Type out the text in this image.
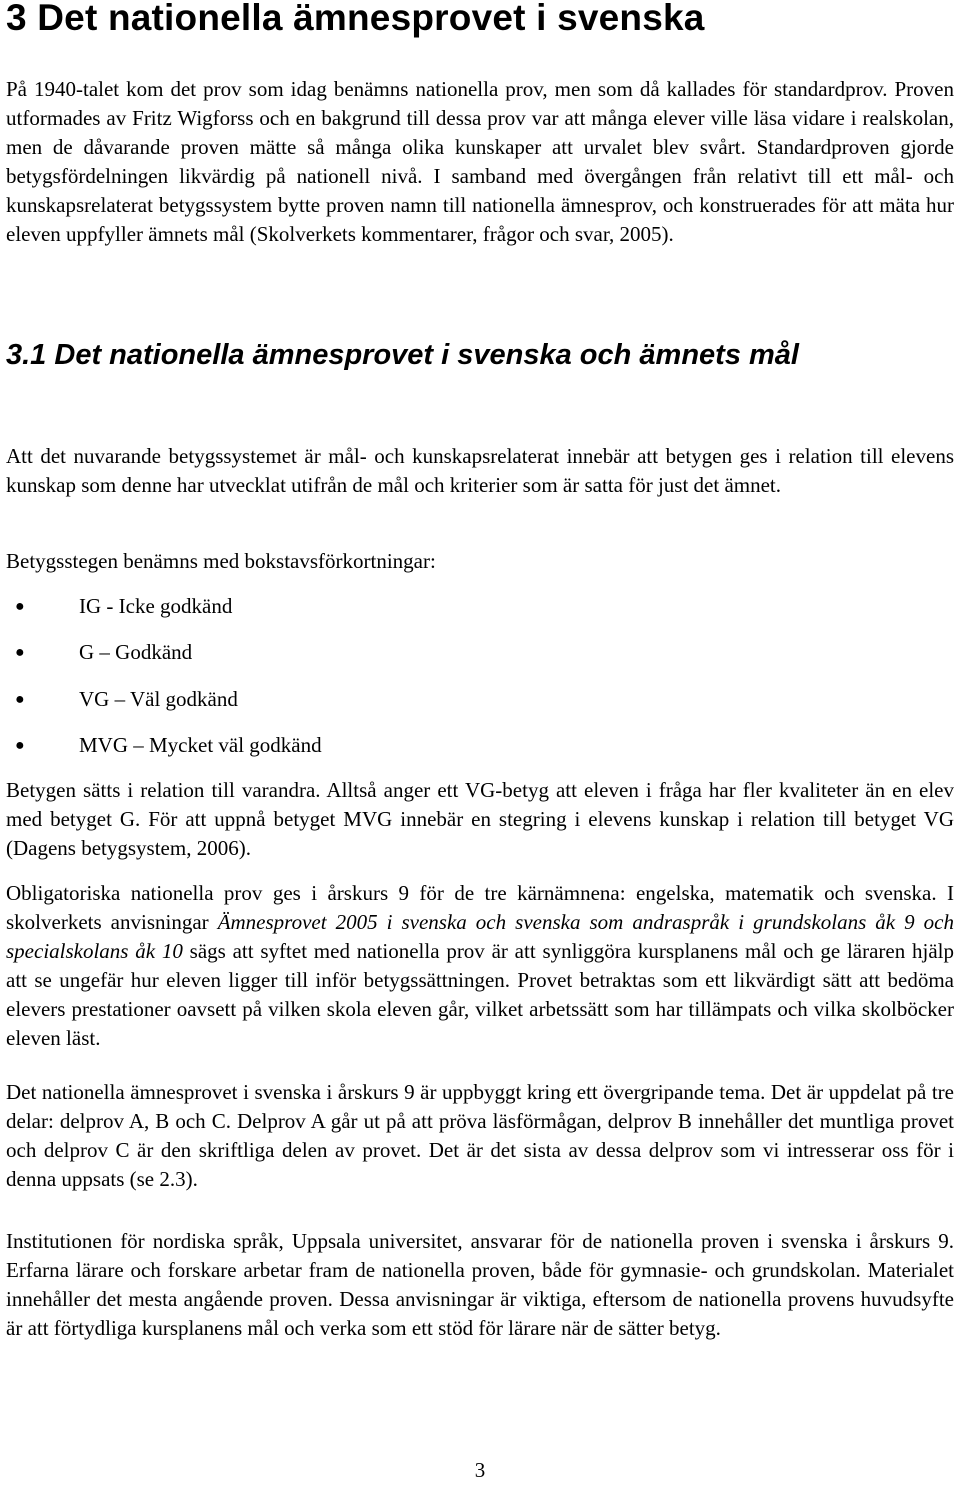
3 Det nationella ämnesprovet i svenska

På 1940-talet kom det prov som idag benämns nationella prov, men som då kallades för standardprov. Proven utformades av Fritz Wigforss och en bakgrund till dessa prov var att många elever ville läsa vidare i realskolan, men de dåvarande proven mätte så många olika kunskaper att urvalet blev svårt. Standardproven gjorde betygsfördelningen likvärdig på nationell nivå. I samband med övergången från relativt till ett mål- och kunskapsrelaterat betygssystem bytte proven namn till nationella ämnesprov, och konstruerades för att mäta hur eleven uppfyller ämnets mål (Skolverkets kommentarer, frågor och svar, 2005).

3.1 Det nationella ämnesprovet i svenska och ämnets mål

Att det nuvarande betygssystemet är mål- och kunskapsrelaterat innebär att betygen ges i relation till elevens kunskap som denne har utvecklat utifrån de mål och kriterier som är satta för just det ämnet.

Betygsstegen benämns med bokstavsförkortningar:

●	IG - Icke godkänd
●	G – Godkänd
●	VG – Väl godkänd
●	MVG – Mycket väl godkänd

Betygen sätts i relation till varandra. Alltså anger ett VG-betyg att eleven i fråga har fler kvaliteter än en elev med betyget G. För att uppnå betyget MVG innebär en stegring i elevens kunskap i relation till betyget VG (Dagens betygsystem, 2006).

Obligatoriska nationella prov ges i årskurs 9 för de tre kärnämnena: engelska, matematik och svenska. I skolverkets anvisningar Ämnesprovet 2005 i svenska och svenska som andraspråk i grundskolans åk 9 och specialskolans åk 10 sägs att syftet med nationella prov är att synliggöra kursplanens mål och ge läraren hjälp att se ungefär hur eleven ligger till inför betygssättningen. Provet betraktas som ett likvärdigt sätt att bedöma elevers prestationer oavsett på vilken skola eleven går, vilket arbetssätt som har tillämpats och vilka skolböcker eleven läst.

Det nationella ämnesprovet i svenska i årskurs 9 är uppbyggt kring ett övergripande tema. Det är uppdelat på tre delar: delprov A, B och C. Delprov A går ut på att pröva läsförmågan, delprov B innehåller det muntliga provet och delprov C är den skriftliga delen av provet. Det är det sista av dessa delprov som vi intresserar oss för i denna uppsats (se 2.3).

Institutionen för nordiska språk, Uppsala universitet, ansvarar för de nationella proven i svenska i årskurs 9. Erfarna lärare och forskare arbetar fram de nationella proven, både för gymnasie- och grundskolan. Materialet innehåller det mesta angående proven. Dessa anvisningar är viktiga, eftersom de nationella provens huvudsyfte är att förtydliga kursplanens mål och verka som ett stöd för lärare när de sätter betyg.

3
